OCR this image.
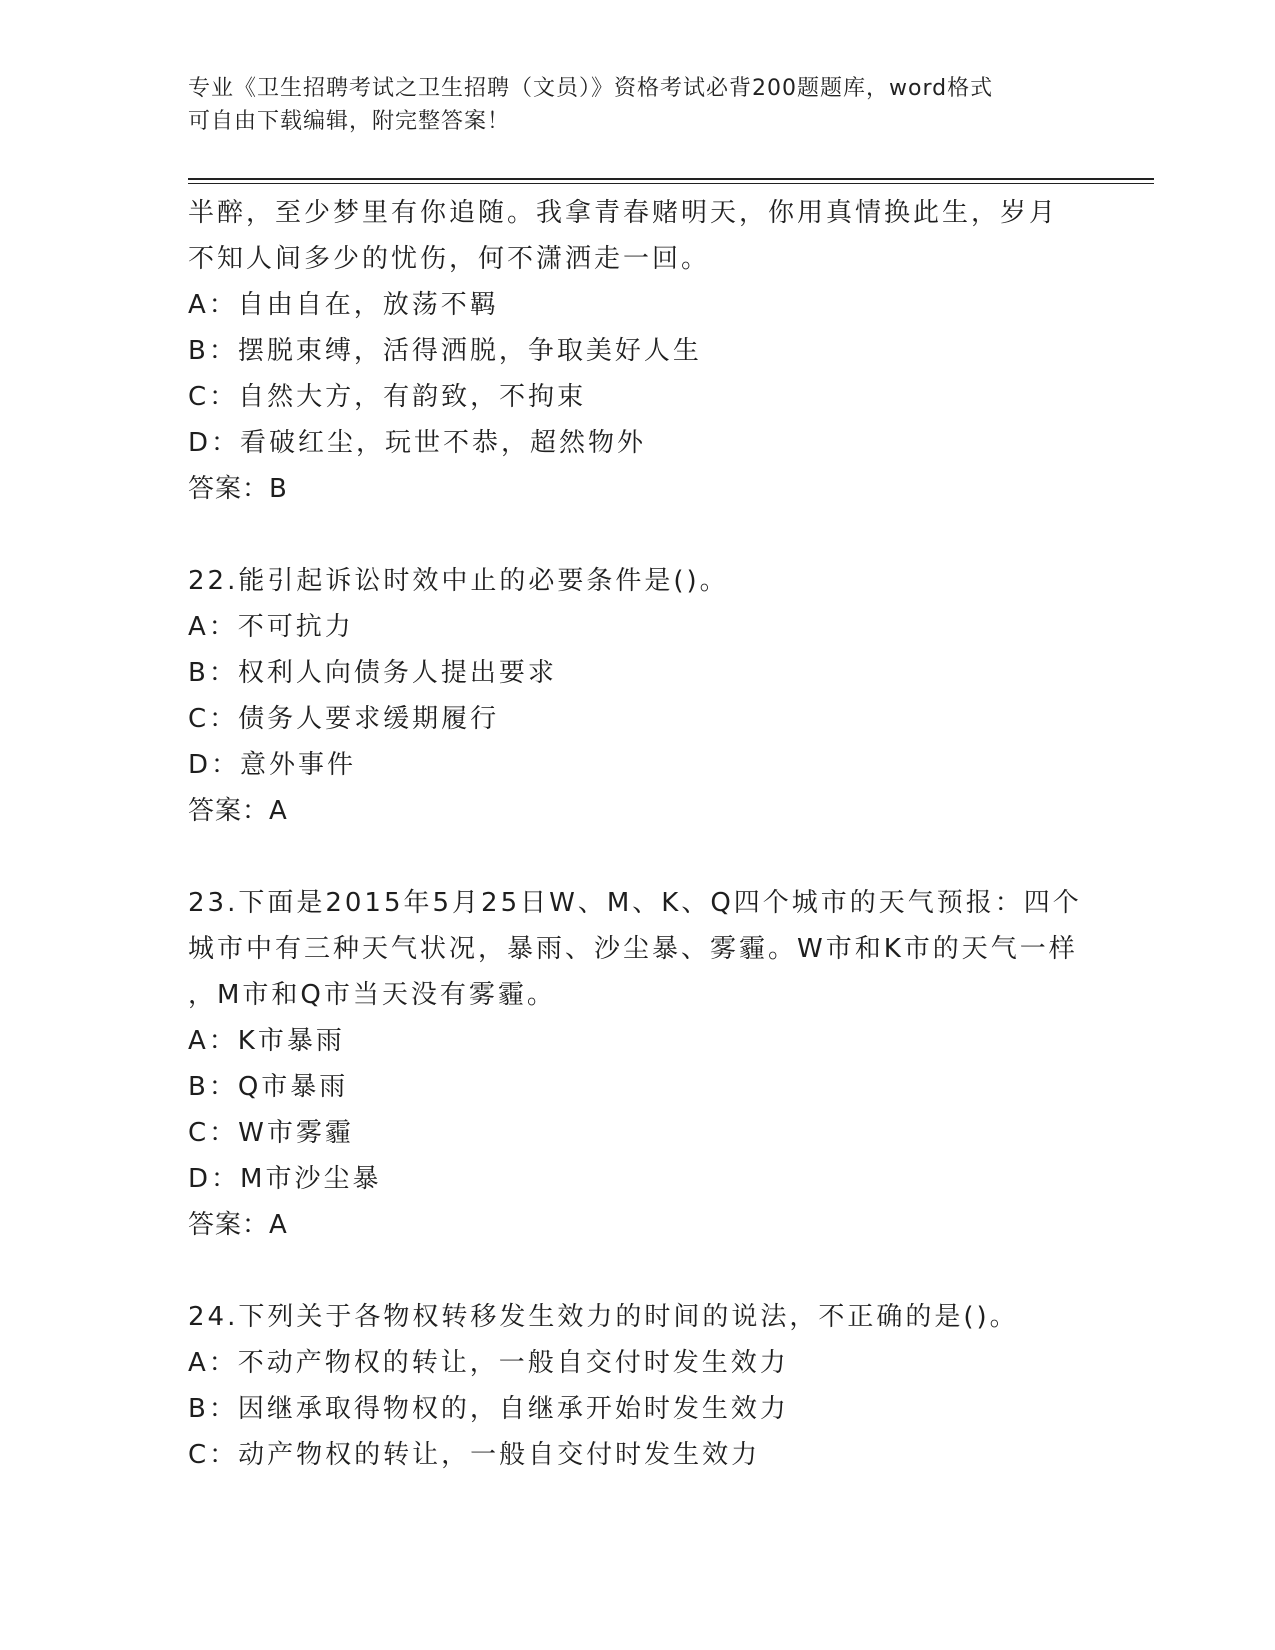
专业《卫生招聘考试之卫生招聘（文员）》资格考试必背200题题库，word格式
可自由下载编辑，附完整答案！
半醉，至少梦里有你追随。我拿青春赌明天，你用真情换此生，岁月
不知人间多少的忧伤，何不潇洒走一回。
A：自由自在，放荡不羁
B：摆脱束缚，活得洒脱，争取美好人生
C：自然大方，有韵致，不拘束
D：看破红尘，玩世不恭，超然物外
答案：B
22.能引起诉讼时效中止的必要条件是()。
A：不可抗力
B：权利人向债务人提出要求
C：债务人要求缓期履行
D：意外事件
答案：A
23.下面是2015年5月25日W、M、K、Q四个城市的天气预报：四个
城市中有三种天气状况，暴雨、沙尘暴、雾霾。W市和K市的天气一样
，M市和Q市当天没有雾霾。
A：K市暴雨
B：Q市暴雨
C：W市雾霾
D：M市沙尘暴
答案：A
24.下列关于各物权转移发生效力的时间的说法，不正确的是()。
A：不动产物权的转让，一般自交付时发生效力
B：因继承取得物权的，自继承开始时发生效力
C：动产物权的转让，一般自交付时发生效力
